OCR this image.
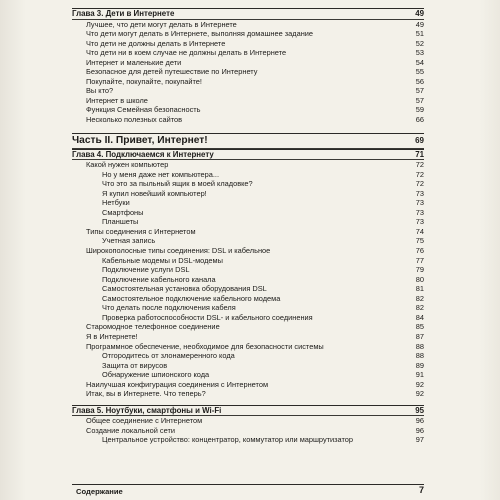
Глава 3. Дети в Интернете	49
Лучшее, что дети могут делать в Интернете	49
Что дети могут делать в Интернете, выполняя домашнее задание	51
Что дети не должны делать в Интернете	52
Что дети ни в коем случае не должны делать в Интернете	53
Интернет и маленькие дети	54
Безопасное для детей путешествие по Интернету	55
Покупайте, покупайте, покупайте!	56
Вы кто?	57
Интернет в школе	57
Функция Семейная безопасность	59
Несколько полезных сайтов	66
Часть II. Привет, Интернет!	69
Глава 4. Подключаемся к Интернету	71
Какой нужен компьютер	72
Но у меня даже нет компьютера...	72
Что это за пыльный ящик в моей кладовке?	72
Я купил новейший компьютер!	73
Нетбуки	73
Смартфоны	73
Планшеты	73
Типы соединения с Интернетом	74
Учетная запись	75
Широкополосные типы соединения: DSL и кабельное	76
Кабельные модемы и DSL-модемы	77
Подключение услуги DSL	79
Подключение кабельного канала	80
Самостоятельная установка оборудования DSL	81
Самостоятельное подключение кабельного модема	82
Что делать после подключения кабеля	82
Проверка работоспособности DSL- и кабельного соединения	84
Старомодное телефонное соединение	85
Я в Интернете!	87
Программное обеспечение, необходимое для безопасности системы	88
Отгородитесь от злонамеренного кода	88
Защита от вирусов	89
Обнаружение шпионского кода	91
Наилучшая конфигурация соединения с Интернетом	92
Итак, вы в Интернете. Что теперь?	92
Глава 5. Ноутбуки, смартфоны и Wi-Fi	95
Общее соединение с Интернетом	96
Создание локальной сети	96
Центральное устройство: концентратор, коммутатор или маршрутизатор	97
Содержание	7
